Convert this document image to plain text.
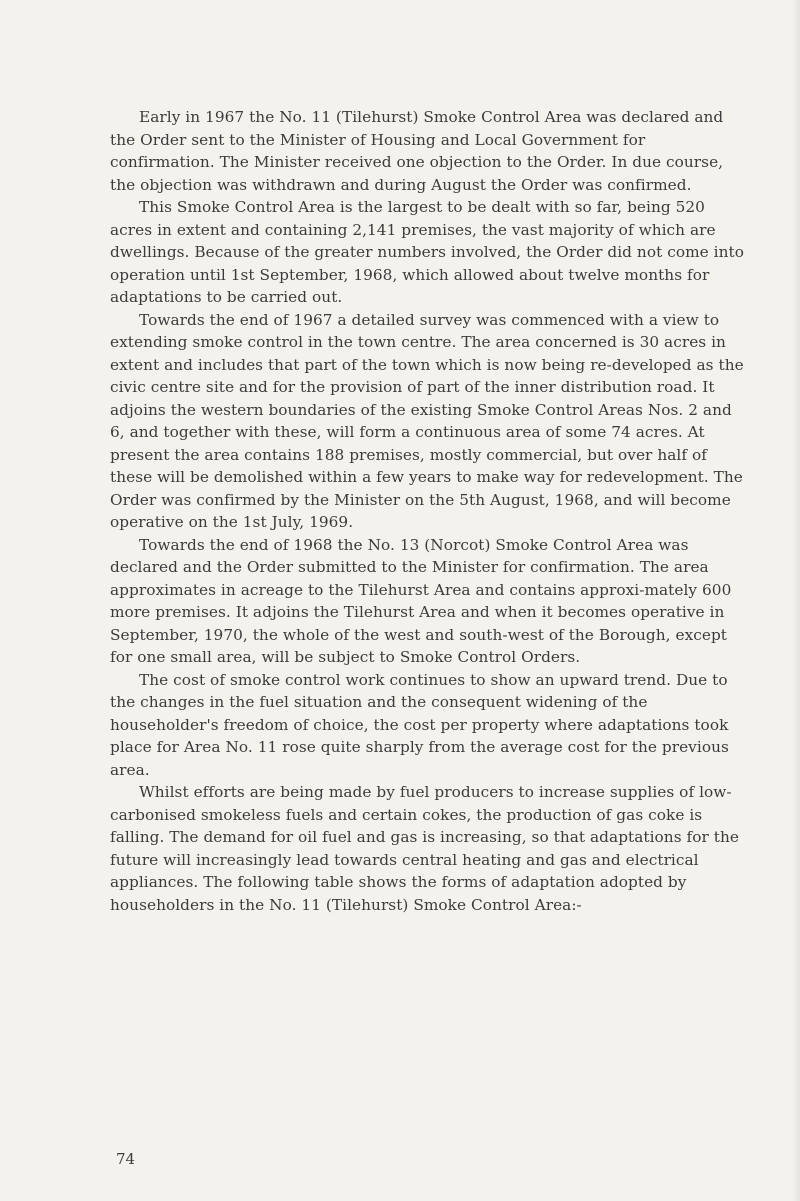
Early in 1967 the No. 11 (Tilehurst) Smoke Control Area was declared and the Order sent to the Minister of Housing and Local Government for confirmation. The Minister received one objection to the Order. In due course, the objection was withdrawn and during August the Order was confirmed.

This Smoke Control Area is the largest to be dealt with so far, being 520 acres in extent and containing 2,141 premises, the vast majority of which are dwellings. Because of the greater numbers involved, the Order did not come into operation until 1st September, 1968, which allowed about twelve months for adaptations to be carried out.

Towards the end of 1967 a detailed survey was commenced with a view to extending smoke control in the town centre. The area concerned is 30 acres in extent and includes that part of the town which is now being re-developed as the civic centre site and for the provision of part of the inner distribution road. It adjoins the western boundaries of the existing Smoke Control Areas Nos. 2 and 6, and together with these, will form a continuous area of some 74 acres. At present the area contains 188 premises, mostly commercial, but over half of these will be demolished within a few years to make way for redevelopment. The Order was confirmed by the Minister on the 5th August, 1968, and will become operative on the 1st July, 1969.

Towards the end of 1968 the No. 13 (Norcot) Smoke Control Area was declared and the Order submitted to the Minister for confirmation. The area approximates in acreage to the Tilehurst Area and contains approxi-mately 600 more premises. It adjoins the Tilehurst Area and when it becomes operative in September, 1970, the whole of the west and south-west of the Borough, except for one small area, will be subject to Smoke Control Orders.

The cost of smoke control work continues to show an upward trend. Due to the changes in the fuel situation and the consequent widening of the householder's freedom of choice, the cost per property where adaptations took place for Area No. 11 rose quite sharply from the average cost for the previous area.

Whilst efforts are being made by fuel producers to increase supplies of low-carbonised smokeless fuels and certain cokes, the production of gas coke is falling. The demand for oil fuel and gas is increasing, so that adaptations for the future will increasingly lead towards central heating and gas and electrical appliances. The following table shows the forms of adaptation adopted by householders in the No. 11 (Tilehurst) Smoke Control Area:-

74
